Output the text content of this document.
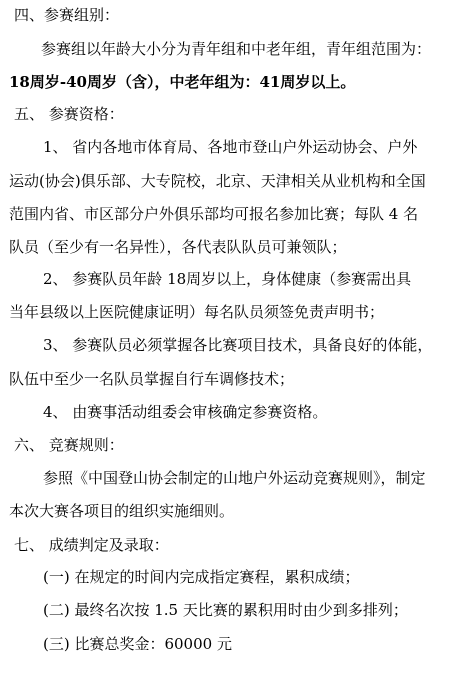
四、参赛组别：
参赛组以年龄大小分为青年组和中老年组，青年组范围为：
18周岁-40周岁（含），中老年组为：41周岁以上。
五、 参赛资格：
1、 省内各地市体育局、各地市登山户外运动协会、户外
运动(协会)俱乐部、大专院校，北京、天津相关从业机构和全国
范围内省、市区部分户外俱乐部均可报名参加比赛；每队 4 名
队员（至少有一名异性），各代表队队员可兼领队；
2、 参赛队员年龄 18周岁以上，身体健康（参赛需出具
当年县级以上医院健康证明）每名队员须签免责声明书；
3、 参赛队员必须掌握各比赛项目技术，具备良好的体能，
队伍中至少一名队员掌握自行车调修技术；
4、 由赛事活动组委会审核确定参赛资格。
六、 竞赛规则：
参照《中国登山协会制定的山地户外运动竞赛规则》，制定
本次大赛各项目的组织实施细则。
七、 成绩判定及录取：
(一) 在规定的时间内完成指定赛程，累积成绩；
(二) 最终名次按 1.5 天比赛的累积用时由少到多排列；
(三) 比赛总奖金：60000 元
